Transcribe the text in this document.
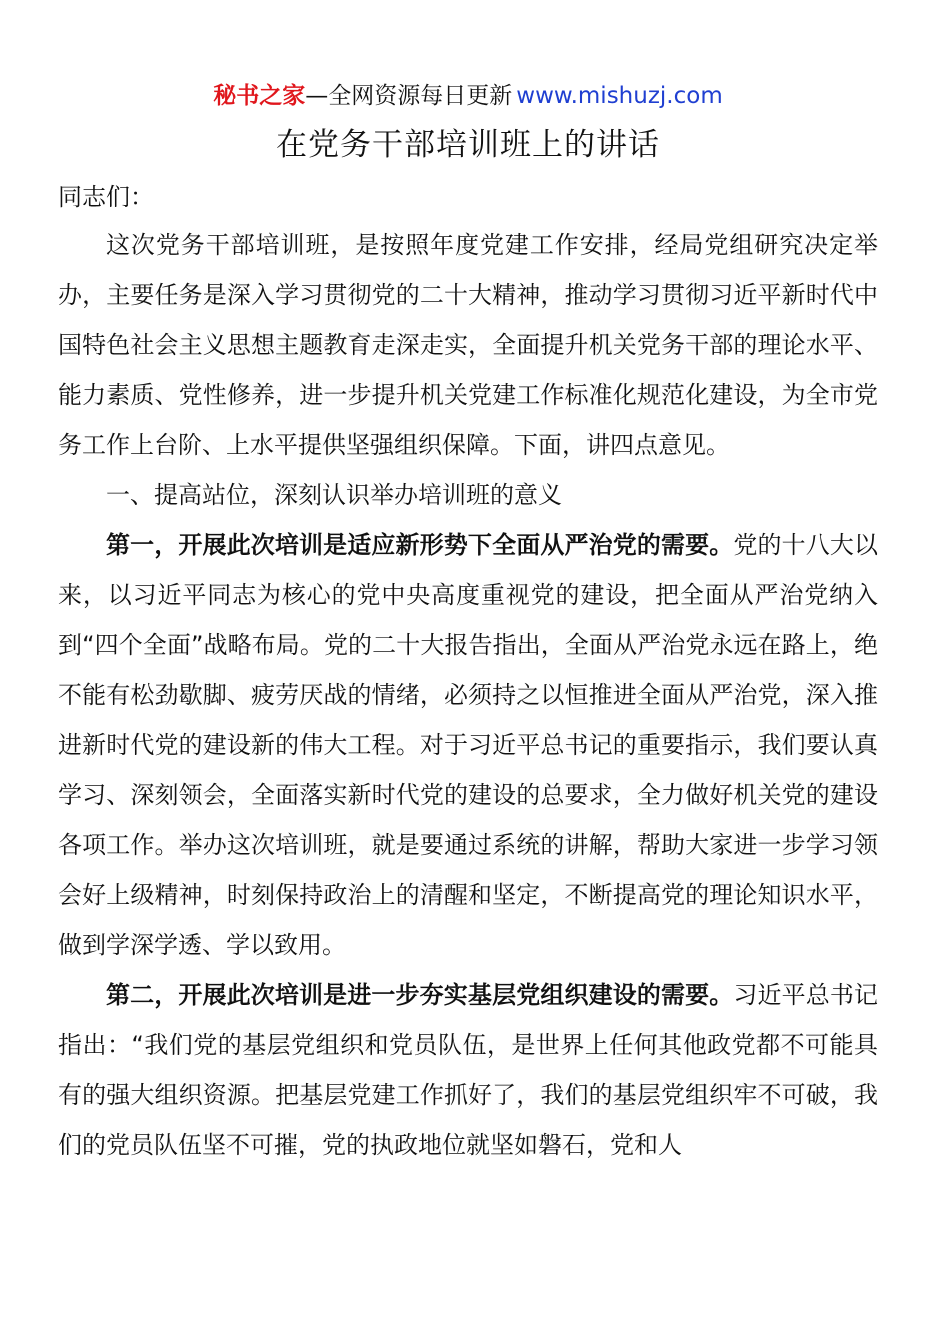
秘书之家—全网资源每日更新 www.mishuzj.com
在党务干部培训班上的讲话
同志们：

这次党务干部培训班，是按照年度党建工作安排，经局党组研究决定举办，主要任务是深入学习贯彻党的二十大精神，推动学习贯彻习近平新时代中国特色社会主义思想主题教育走深走实，全面提升机关党务干部的理论水平、能力素质、党性修养，进一步提升机关党建工作标准化规范化建设，为全市党务工作上台阶、上水平提供坚强组织保障。下面，讲四点意见。

一、提高站位，深刻认识举办培训班的意义

第一，开展此次培训是适应新形势下全面从严治党的需要。党的十八大以来，以习近平同志为核心的党中央高度重视党的建设，把全面从严治党纳入到“四个全面”战略布局。党的二十大报告指出，全面从严治党永远在路上，绝不能有松劲歇脚、疲劳厌战的情绪，必须持之以恒推进全面从严治党，深入推进新时代党的建设新的伟大工程。对于习近平总书记的重要指示，我们要认真学习、深刻领会，全面落实新时代党的建设的总要求，全力做好机关党的建设各项工作。举办这次培训班，就是要通过系统的讲解，帮助大家进一步学习领会好上级精神，时刻保持政治上的清醒和坚定，不断提高党的理论知识水平，做到学深学透、学以致用。

第二，开展此次培训是进一步夯实基层党组织建设的需要。习近平总书记指出：“我们党的基层党组织和党员队伍，是世界上任何其他政党都不可能具有的强大组织资源。把基层党建工作抓好了，我们的基层党组织牢不可破，我们的党员队伍坚不可摧，党的执政地位就坚如磐石，党和人
